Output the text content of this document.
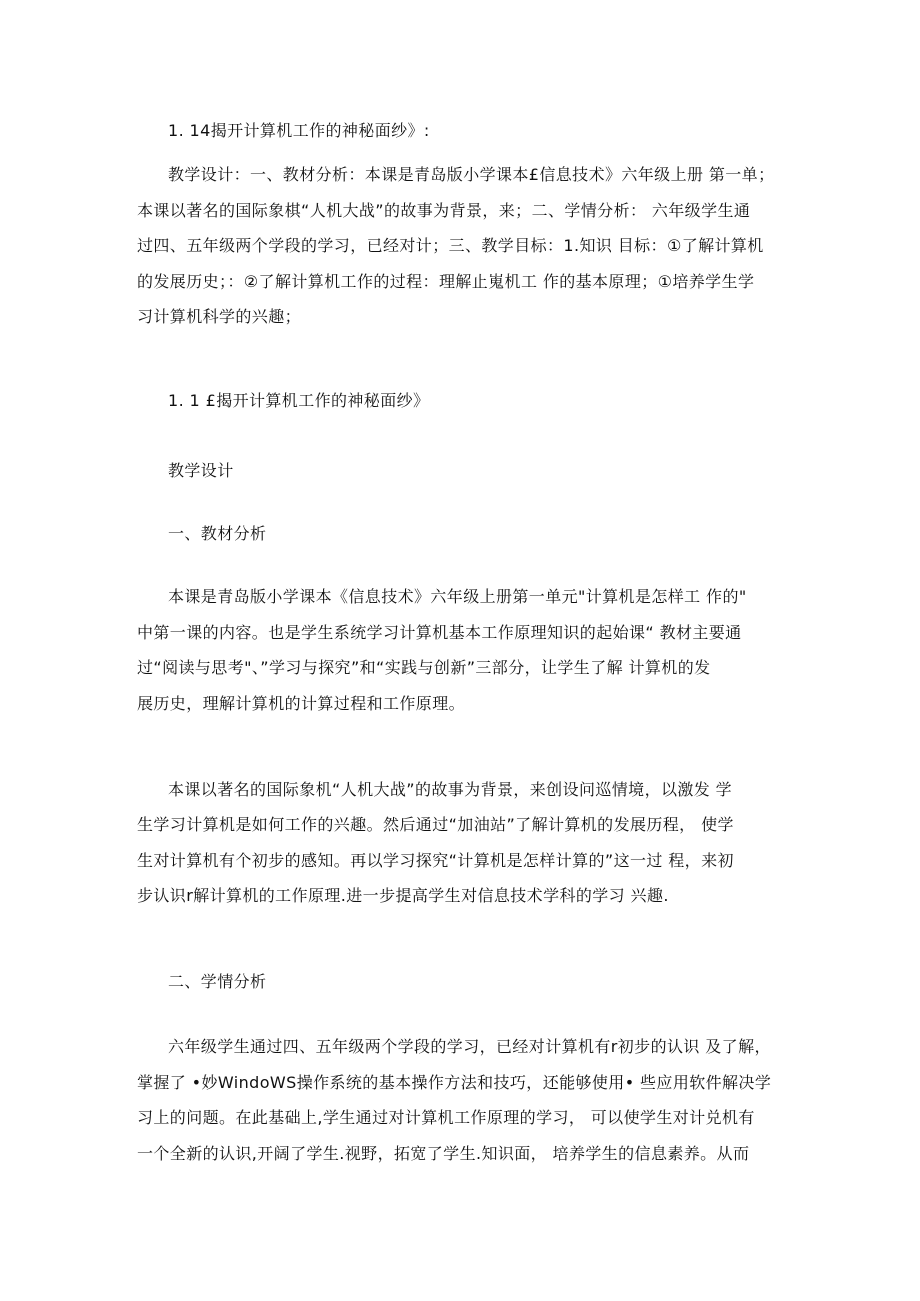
1. 14揭开计算机工作的神秘面纱》:
教学设计：一、教材分析：本课是青岛版小学课本£信息技术》六年级上册 第一单；
本课以著名的国际象棋“人机大战”的故事为背景，来；二、学情分析： 六年级学生通
过四、五年级两个学段的学习，已经对计；三、教学目标：1.知识 目标：①了解计算机
的发展历史；：②了解计算机工作的过程：理解止嵬机工 作的基本原理；①培养学生学
习计算机科学的兴趣；
1. 1 £揭开计算机工作的神秘面纱》
教学设计
一、教材分析
本课是青岛版小学课本《信息技术》六年级上册第一单元"计算机是怎样工 作的"
中第一课的内容。也是学生系统学习计算机基本工作原理知识的起始课“ 教材主要通
过“阅读与思考"、”学习与探究”和“实践与创新”三部分，让学生了解 计算机的发
展历史，理解计算机的计算过程和工作原理。
本课以著名的国际象机“人机大战”的故事为背景，来创设问巡情境，以激发 学
生学习计算机是如何工作的兴趣。然后通过“加油站”了解计算机的发展历程， 使学
生对计算机有个初步的感知。再以学习探究“计算机是怎样计算的”这一过 程，来初
步认识r解计算机的工作原理.进一步提高学生对信息技术学科的学习 兴趣.
二、学情分析
六年级学生通过四、五年级两个学段的学习，已经对计算机有r初步的认识 及了解，
掌握了 •妙WindoWS操作系统的基本操作方法和技巧，还能够使用• 些应用软件解决学
习上的问题。在此基础上,学生通过对计算机工作原理的学习， 可以使学生对计兑机有
一个全新的认识,开阔了学生.视野，拓宽了学生.知识面， 培养学生的信息素养。从而
